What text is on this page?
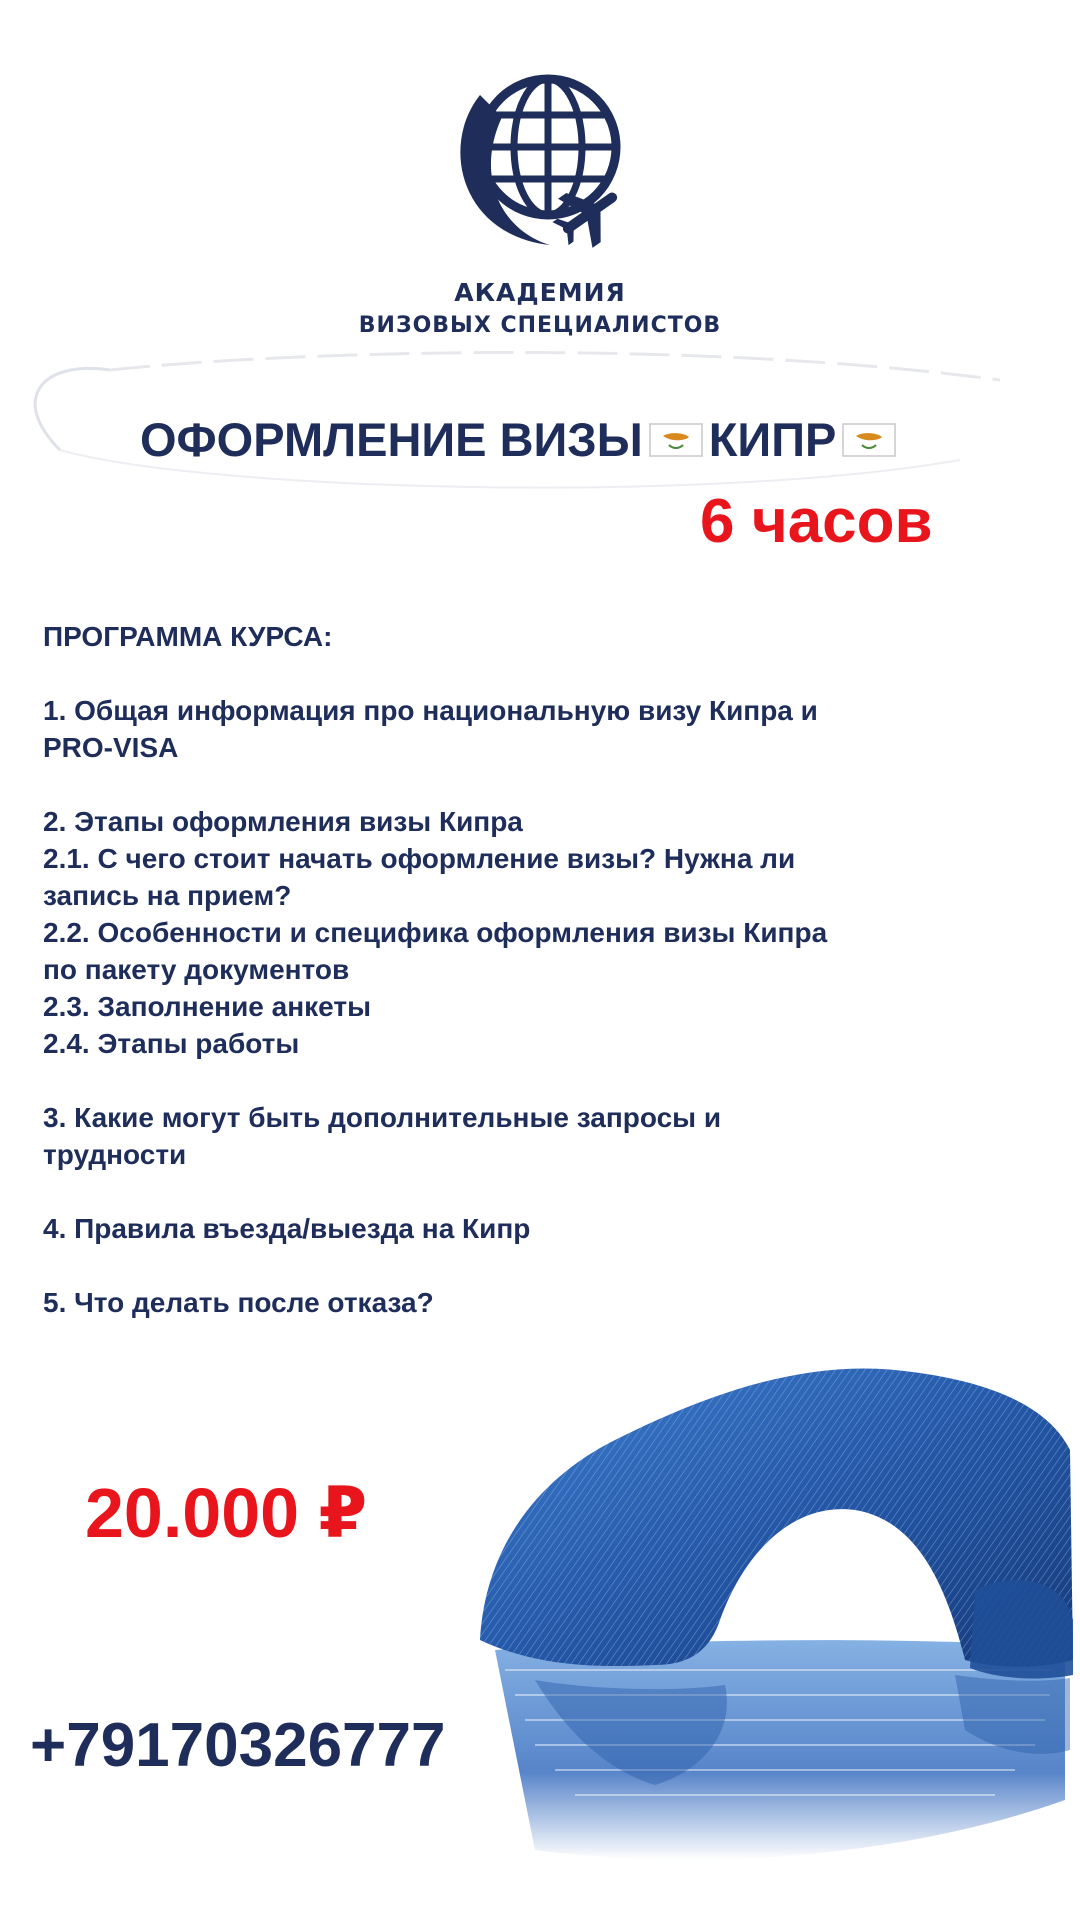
АКАДЕМИЯ
ВИЗОВЫХ СПЕЦИАЛИСТОВ
ОФОРМЛЕНИЕ ВИЗЫ КИПР
6 часов
ПРОГРАММА КУРСА:
1. Общая информация про национальную визу Кипра и
PRO-VISA
2. Этапы оформления визы Кипра
2.1. С чего стоит начать оформление визы? Нужна ли
запись на прием?
2.2. Особенности и специфика оформления визы Кипра
по пакету документов
2.3. Заполнение анкеты
2.4. Этапы работы
3. Какие могут быть дополнительные запросы и
трудности
4. Правила въезда/выезда на Кипр
5. Что делать после отказа?
20.000 ₽
+79170326777
